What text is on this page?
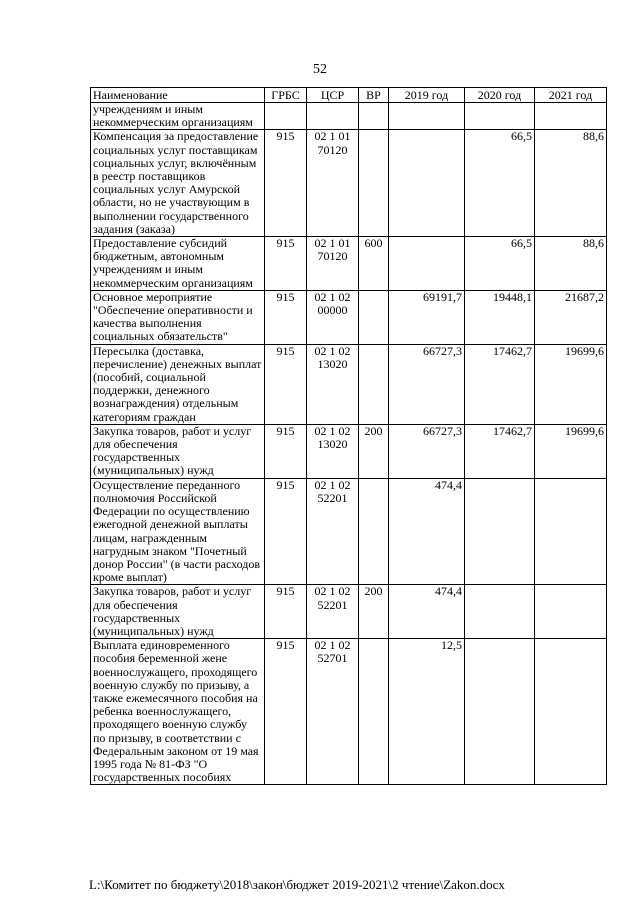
52
Наименование	ГРБС	ЦСР	ВР	2019 год	2020 год	2021 год
учреждениям и иным некоммерческим организациям						
Компенсация за предоставление социальных услуг поставщикам социальных услуг, включённым в реестр поставщиков социальных услуг Амурской области, но не участвующим в выполнении государственного задания (заказа)	915	02 1 01 70120			66,5	88,6
Предоставление субсидий бюджетным, автономным учреждениям и иным некоммерческим организациям	915	02 1 01 70120	600		66,5	88,6
Основное мероприятие "Обеспечение оперативности и качества выполнения социальных обязательств"	915	02 1 02 00000		69191,7	19448,1	21687,2
Пересылка (доставка, перечисление) денежных выплат (пособий, социальной поддержки, денежного вознаграждения) отдельным категориям граждан	915	02 1 02 13020		66727,3	17462,7	19699,6
Закупка товаров, работ и услуг для обеспечения государственных (муниципальных) нужд	915	02 1 02 13020	200	66727,3	17462,7	19699,6
Осуществление переданного полномочия Российской Федерации по осуществлению ежегодной денежной выплаты лицам, награжденным нагрудным знаком "Почетный донор России" (в части расходов кроме выплат)	915	02 1 02 52201		474,4		
Закупка товаров, работ и услуг для обеспечения государственных (муниципальных) нужд	915	02 1 02 52201	200	474,4		
Выплата единовременного пособия беременной жене военнослужащего, проходящего военную службу по призыву, а также ежемесячного пособия на ребенка военнослужащего, проходящего военную службу по призыву, в соответствии с Федеральным законом от 19 мая 1995 года № 81-ФЗ "О государственных пособиях	915	02 1 02 52701		12,5		
L:\Комитет по бюджету\2018\закон\бюджет 2019-2021\2 чтение\Zakon.docx
